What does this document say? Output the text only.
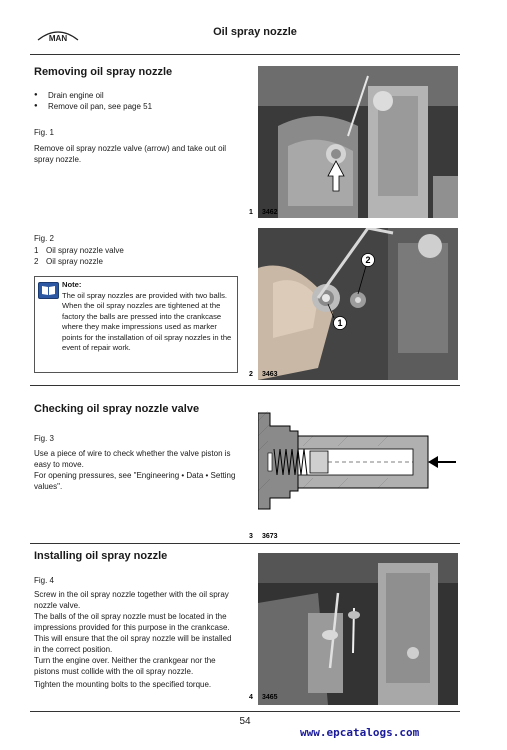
MAN
Oil spray nozzle
Removing oil spray nozzle

● Drain engine oil

● Remove oil pan, see page 51

Fig. 1
Remove oil spray nozzle valve (arrow) and take out oil spray nozzle.
Fig. 2
1 Oil spray nozzle valve
2 Oil spray nozzle
Note:
The oil spray nozzles are provided with two balls. When the oil spray nozzles are tightened at the factory the balls are pressed into the crankcase where they make impressions used as marker points for the installation of oil spray nozzles in the event of repair work.
Checking oil spray nozzle valve
Fig. 3

Use a piece of wire to check whether the valve piston is easy to move.

For opening pressures, see "Engineering • Data • Setting values".

Installing oil spray nozzle
Fig. 4

Screw in the oil spray nozzle together with the oil spray nozzle valve.

The balls of the oil spray nozzle must be located in the impressions provided for this purpose in the crankcase. This will ensure that the oil spray nozzle will be installed in the correct position.

Turn the engine over. Neither the crankgear nor the pistons must collide with the oil spray nozzle.

Tighten the mounting bolts to the specified torque.

1 3462
2
1
2 3463
3 3673
4 3465
54
www.epcatalogs.com
